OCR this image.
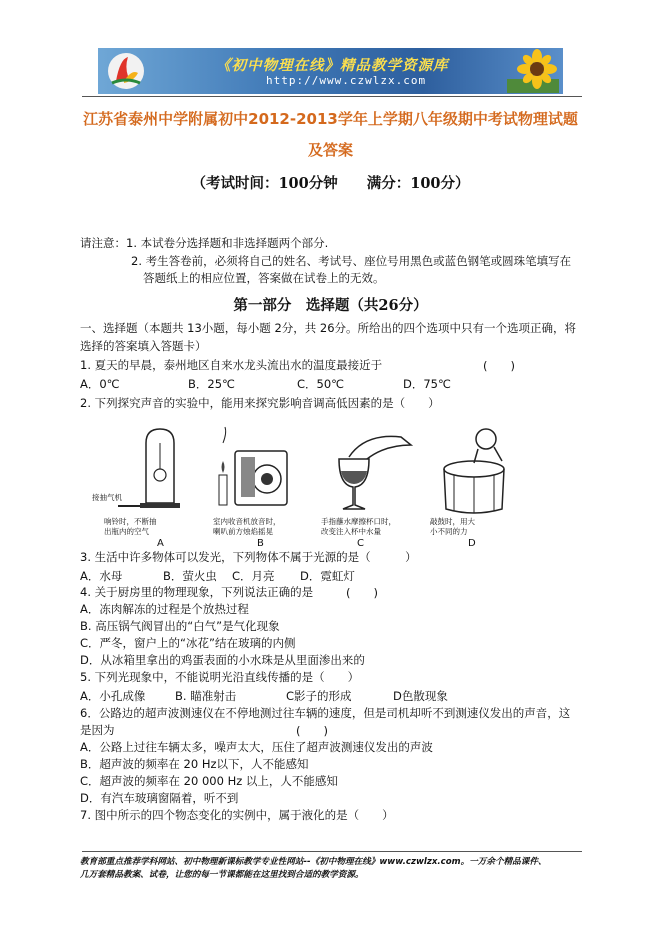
《初中物理在线》精品教学资源库
http://www.czwlzx.com
江苏省泰州中学附属初中2012-2013学年上学期八年级期中考试物理试题
及答案
（考试时间：100分钟　　满分：100分）
请注意：1. 本试卷分选择题和非选择题两个部分.
2. 考生答卷前，必须将自己的姓名、考试号、座位号用黑色或蓝色钢笔或圆珠笔填写在
答题纸上的相应位置，答案做在试卷上的无效。
第一部分　选择题（共26分）
一、选择题（本题共 13小题，每小题 2分，共 26分。所给出的四个选项中只有一个选项正确，将
选择的答案填入答题卡）
1. 夏天的早晨，泰州地区自来水龙头流出水的温度最接近于	(　　)
A．0℃	B．25℃	C．50℃	D．75℃
2. 下列探究声音的实验中，能用来探究影响音调高低因素的是（　　）
接抽气机
响铃时，不断抽
出瓶内的空气
A
室内收音机放音时，
喇叭前方烛焰摇晃
B
手指蘸水摩擦杯口时，
改变注入杯中水量
C
敲鼓时，用大
小不同的力
D
3. 生活中许多物体可以发光，下列物体不属于光源的是（　　　）
A．水母	B．萤火虫 C．月亮 D．霓虹灯
4. 关于厨房里的物理现象，下列说法正确的是	(　　)
A．冻肉解冻的过程是个放热过程
B. 高压锅气阀冒出的“白气”是气化现象
C．严冬，窗户上的“冰花”结在玻璃的内侧
D．从冰箱里拿出的鸡蛋表面的小水珠是从里面渗出来的
5. 下列光现象中，不能说明光沿直线传播的是（　　）
A．小孔成像	B. 瞄准射击	C影子的形成	D色散现象
6．公路边的超声波测速仪在不停地测过往车辆的速度，但是司机却听不到测速仪发出的声音，这
是因为	(　　)
A．公路上过往车辆太多，噪声太大，压住了超声波测速仪发出的声波
B．超声波的频率在 20 Hz以下，人不能感知
C．超声波的频率在 20 000 Hz 以上，人不能感知
D．有汽车玻璃窗隔着，听不到
7. 图中所示的四个物态变化的实例中，属于液化的是（　　）
教育部重点推荐学科网站、初中物理新课标教学专业性网站--《初中物理在线》www.czwlzx.com。一万余个精品课件、
几万套精品教案、试卷，让您的每一节课都能在这里找到合适的教学资源。
